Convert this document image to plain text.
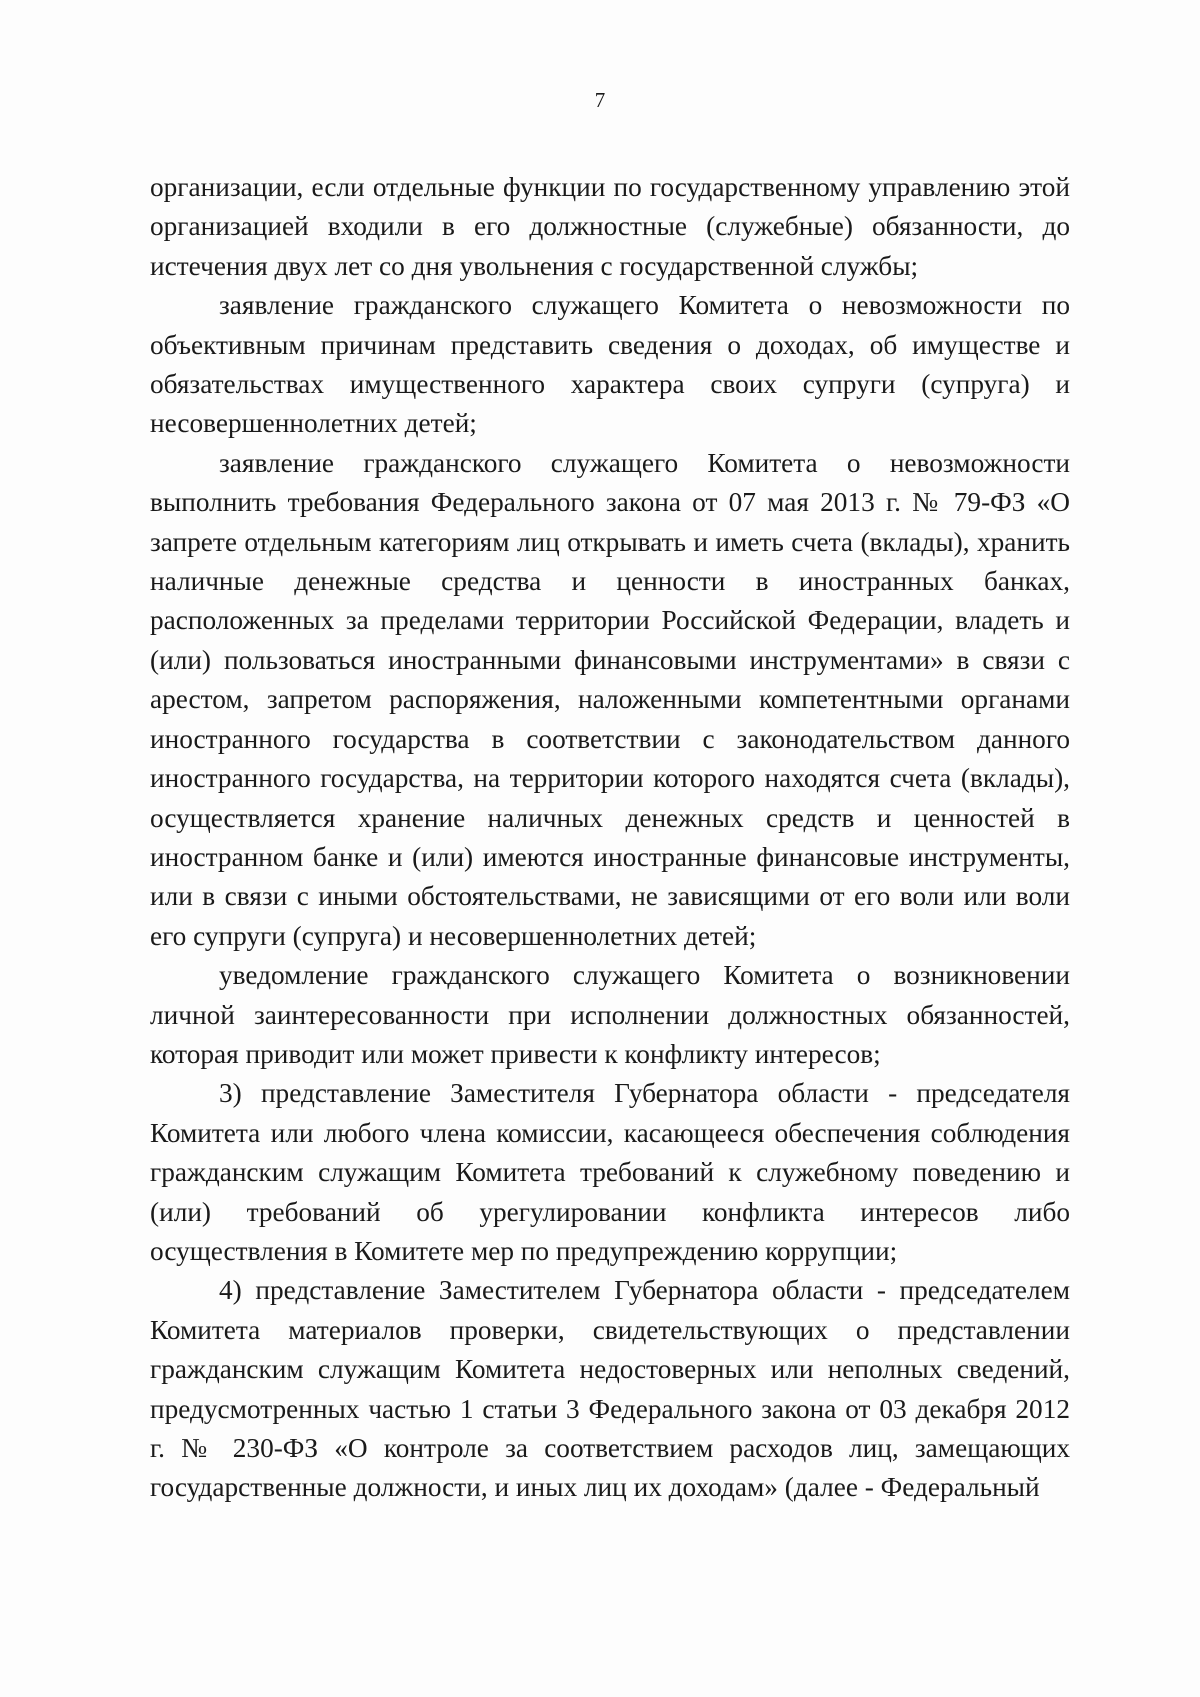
7

организации, если отдельные функции по государственному управлению этой организацией входили в его должностные (служебные) обязанности, до истечения двух лет со дня увольнения с государственной службы;

заявление гражданского служащего Комитета о невозможности по объективным причинам представить сведения о доходах, об имуществе и обязательствах имущественного характера своих супруги (супруга) и несовершеннолетних детей;

заявление гражданского служащего Комитета о невозможности выполнить требования Федерального закона от 07 мая 2013 г. № 79-ФЗ «О запрете отдельным категориям лиц открывать и иметь счета (вклады), хранить наличные денежные средства и ценности в иностранных банках, расположенных за пределами территории Российской Федерации, владеть и (или) пользоваться иностранными финансовыми инструментами» в связи с арестом, запретом распоряжения, наложенными компетентными органами иностранного государства в соответствии с законодательством данного иностранного государства, на территории которого находятся счета (вклады), осуществляется хранение наличных денежных средств и ценностей в иностранном банке и (или) имеются иностранные финансовые инструменты, или в связи с иными обстоятельствами, не зависящими от его воли или воли его супруги (супруга) и несовершеннолетних детей;

уведомление гражданского служащего Комитета о возникновении личной заинтересованности при исполнении должностных обязанностей, которая приводит или может привести к конфликту интересов;

3) представление Заместителя Губернатора области - председателя Комитета или любого члена комиссии, касающееся обеспечения соблюдения гражданским служащим Комитета требований к служебному поведению и (или) требований об урегулировании конфликта интересов либо осуществления в Комитете мер по предупреждению коррупции;

4) представление Заместителем Губернатора области - председателем Комитета материалов проверки, свидетельствующих о представлении гражданским служащим Комитета недостоверных или неполных сведений, предусмотренных частью 1 статьи 3 Федерального закона от 03 декабря 2012 г. № 230-ФЗ «О контроле за соответствием расходов лиц, замещающих государственные должности, и иных лиц их доходам» (далее - Федеральный
